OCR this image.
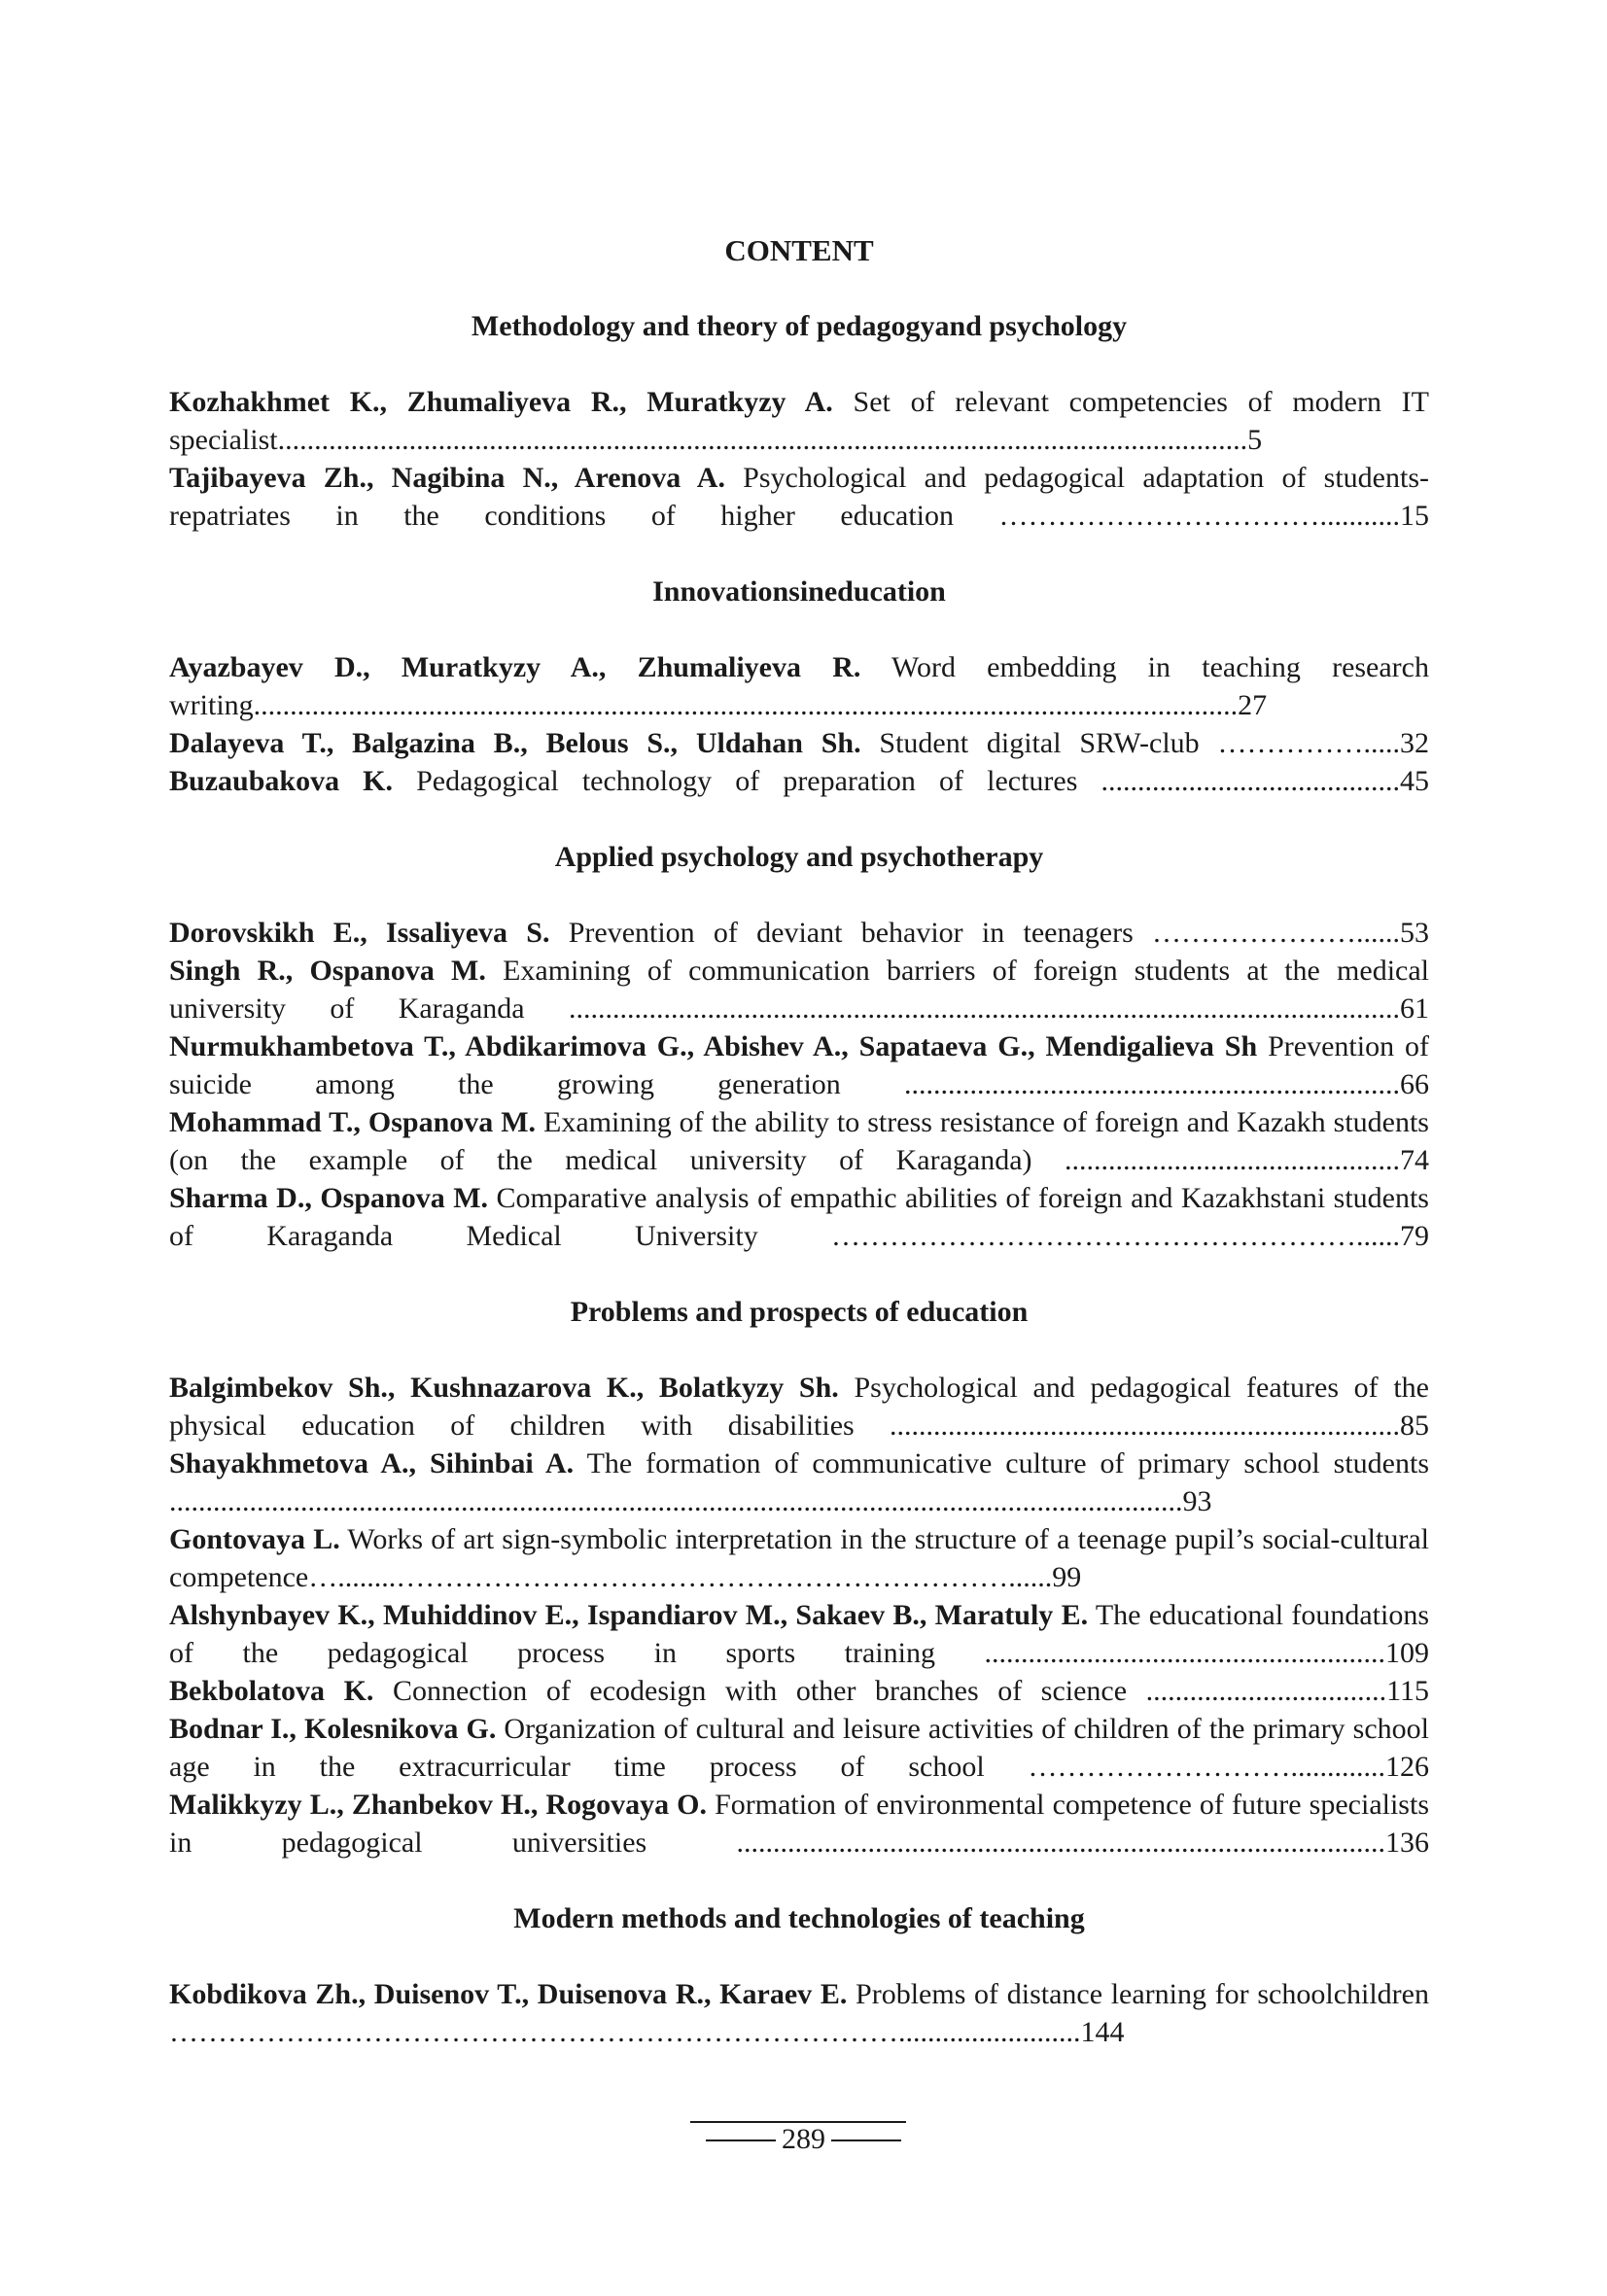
CONTENT
Methodology and theory of pedagogyand psychology

Kozhakhmet K., Zhumaliyeva R., Muratkyzy A. Set of relevant competencies of modern IT specialist.....................................................................................................................................5

Tajibayeva Zh., Nagibina N., Arenova A. Psychological and pedagogical adaptation of students-repatriates in the conditions of higher education ……………………………...........15

Innovationsineducation

Ayazbayev D., Muratkyzy A., Zhumaliyeva R. Word embedding in teaching research writing.......................................................................................................................................27

Dalayeva T., Balgazina B., Belous S., Uldahan Sh. Student digital SRW-club …………….....32

Buzaubakova K. Pedagogical technology of preparation of lectures .........................................45

Applied psychology and psychotherapy

Dorovskikh E., Issaliyeva S. Prevention of deviant behavior in teenagers …………………......53

Singh R., Ospanova M. Examining of communication barriers of foreign students at the medical university of Karaganda ..................................................................................................................61

Nurmukhambetova T., Abdikarimova G., Abishev A., Sapataeva G., Mendigalieva Sh Prevention of suicide among the growing generation ....................................................................66

Mohammad T., Ospanova M. Examining of the ability to stress resistance of foreign and Kazakh students (on the example of the medical university of Karaganda) ..............................................74

Sharma D., Ospanova M. Comparative analysis of empathic abilities of foreign and Kazakhstani students of Karaganda Medical University ………………………………………………......79

Problems and prospects of education

Balgimbekov Sh., Kushnazarova K., Bolatkyzy Sh. Psychological and pedagogical features of the physical education of children with disabilities ......................................................................85

Shayakhmetova A., Sihinbai A. The formation of communicative culture of primary school students ...........................................................................................................................................93

Gontovaya L. Works of art sign-symbolic interpretation in the structure of a teenage pupil’s social-cultural competence…........………………………………………………………......99

Alshynbayev K., Muhiddinov E., Ispandiarov M., Sakaev B., Maratuly E. The educational foundations of the pedagogical process in sports training .......................................................109

Bekbolatova K. Connection of ecodesign with other branches of science .................................115

Bodnar I., Kolesnikova G. Organization of cultural and leisure activities of children of the primary school age in the extracurricular time process of school ……………………….............126

Malikkyzy L., Zhanbekov H., Rogovaya O. Formation of environmental competence of future specialists in pedagogical universities .........................................................................................136

Modern methods and technologies of teaching

Kobdikova Zh., Duisenov T., Duisenova R., Karaev E. Problems of distance learning for schoolchildren ………………………………………………………………….........................144

289
